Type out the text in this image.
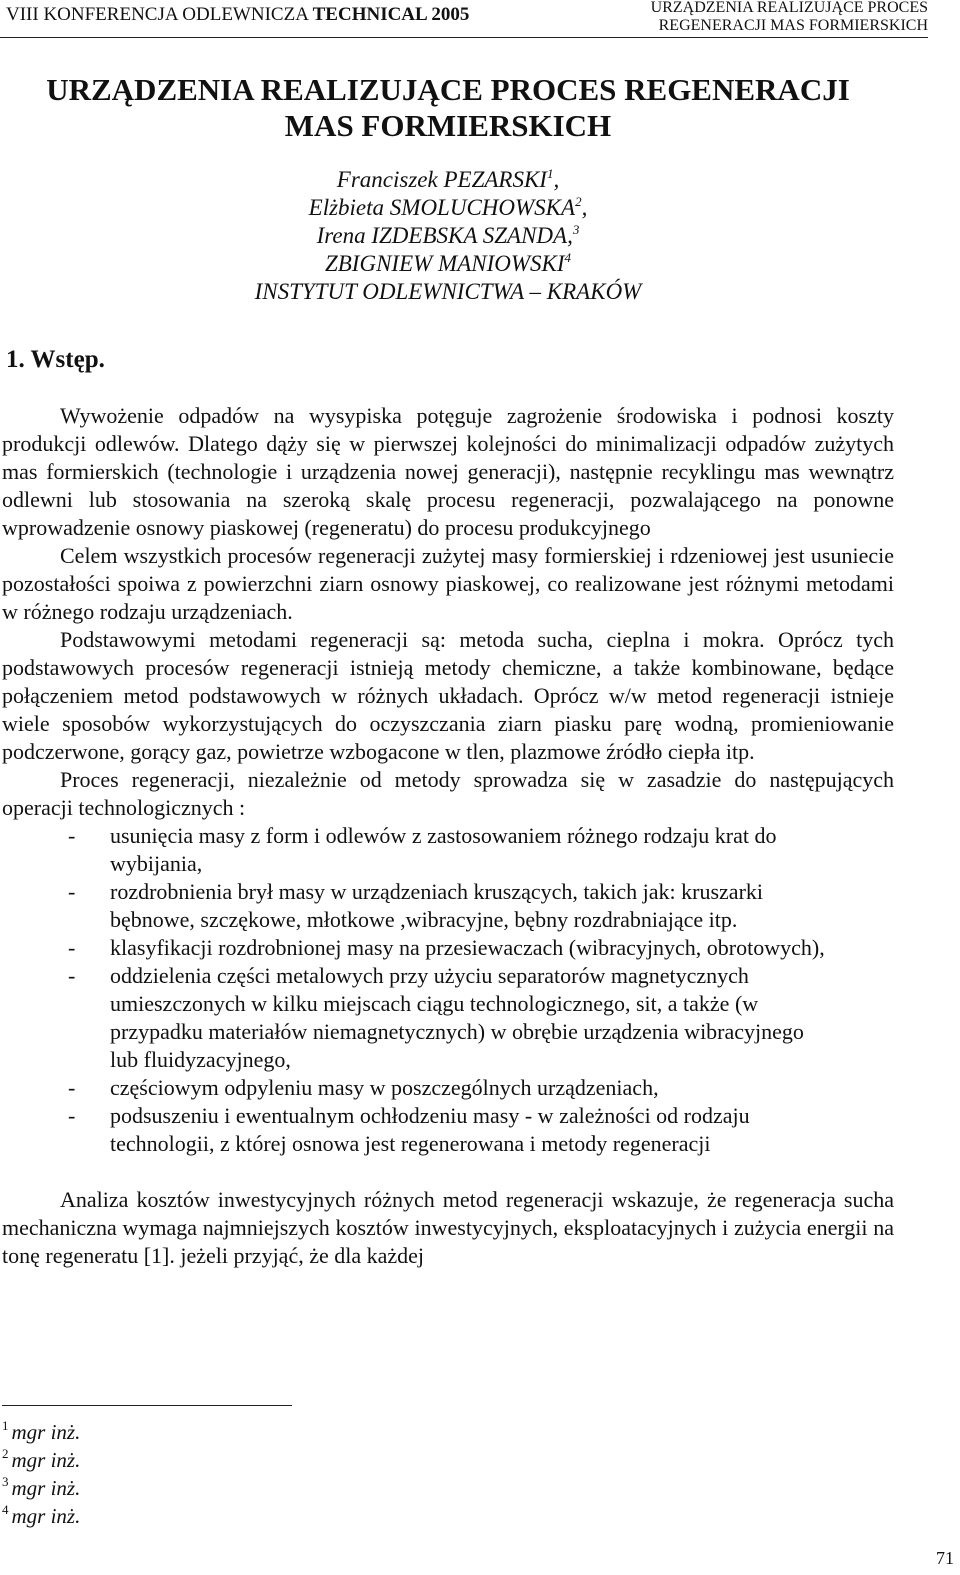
VIII KONFERENCJA ODLEWNICZA TECHNICAL 2005	URZĄDZENIA REALIZUJĄCE PROCES
REGENERACJI MAS FORMIERSKICH
URZĄDZENIA REALIZUJĄCE PROCES REGENERACJI
MAS FORMIERSKICH
Franciszek PEZARSKI$^1$,
Elżbieta SMOLUCHOWSKA$^2$,
Irena IZDEBSKA SZANDA,$^3$
ZBIGNIEW MANIOWSKI$^4$
INSTYTUT ODLEWNICTWA – KRAKÓW
1. Wstęp.

Wywożenie odpadów na wysypiska potęguje zagrożenie środowiska i podnosi koszty produkcji odlewów. Dlatego dąży się w pierwszej kolejności do minimalizacji odpadów zużytych mas formierskich (technologie i urządzenia nowej generacji), następnie recyklingu mas wewnątrz odlewni lub stosowania na szeroką skalę procesu regeneracji, pozwalającego na ponowne wprowadzenie osnowy piaskowej (regeneratu) do procesu produkcyjnego

Celem wszystkich procesów regeneracji zużytej masy formierskiej i rdzeniowej jest usuniecie pozostałości spoiwa z powierzchni ziarn osnowy piaskowej, co realizowane jest różnymi metodami w różnego rodzaju urządzeniach.

Podstawowymi metodami regeneracji są: metoda sucha, cieplna i mokra. Oprócz tych podstawowych procesów regeneracji istnieją metody chemiczne, a także kombinowane, będące połączeniem metod podstawowych w różnych układach. Oprócz w/w metod regeneracji istnieje wiele sposobów wykorzystujących do oczyszczania ziarn piasku parę wodną, promieniowanie podczerwone, gorący gaz, powietrze wzbogacone w tlen, plazmowe źródło ciepła itp.

Proces regeneracji, niezależnie od metody sprowadza się w zasadzie do następujących operacji technologicznych :

- usunięcia masy z form i odlewów z zastosowaniem różnego rodzaju krat do wybijania,
- rozdrobnienia brył masy w urządzeniach kruszących, takich jak: kruszarki bębnowe, szczękowe, młotkowe ,wibracyjne, bębny rozdrabniające itp.
- klasyfikacji rozdrobnionej masy na przesiewaczach (wibracyjnych, obrotowych),
- oddzielenia części metalowych przy użyciu separatorów magnetycznych umieszczonych w kilku miejscach ciągu technologicznego, sit, a także (w przypadku materiałów niemagnetycznych) w obrębie urządzenia wibracyjnego lub fluidyzacyjnego,
- częściowym odpyleniu masy w poszczególnych urządzeniach,
- podsuszeniu i ewentualnym ochłodzeniu masy - w zależności od rodzaju technologii, z której osnowa jest regenerowana i metody regeneracji

Analiza kosztów inwestycyjnych różnych metod regeneracji wskazuje, że regeneracja sucha mechaniczna wymaga najmniejszych kosztów inwestycyjnych, eksploatacyjnych i zużycia energii na tonę regeneratu [1]. jeżeli przyjąć, że dla każdej

$^1$ mgr inż.
$^2$ mgr inż.
$^3$ mgr inż.
$^4$ mgr inż.
71
